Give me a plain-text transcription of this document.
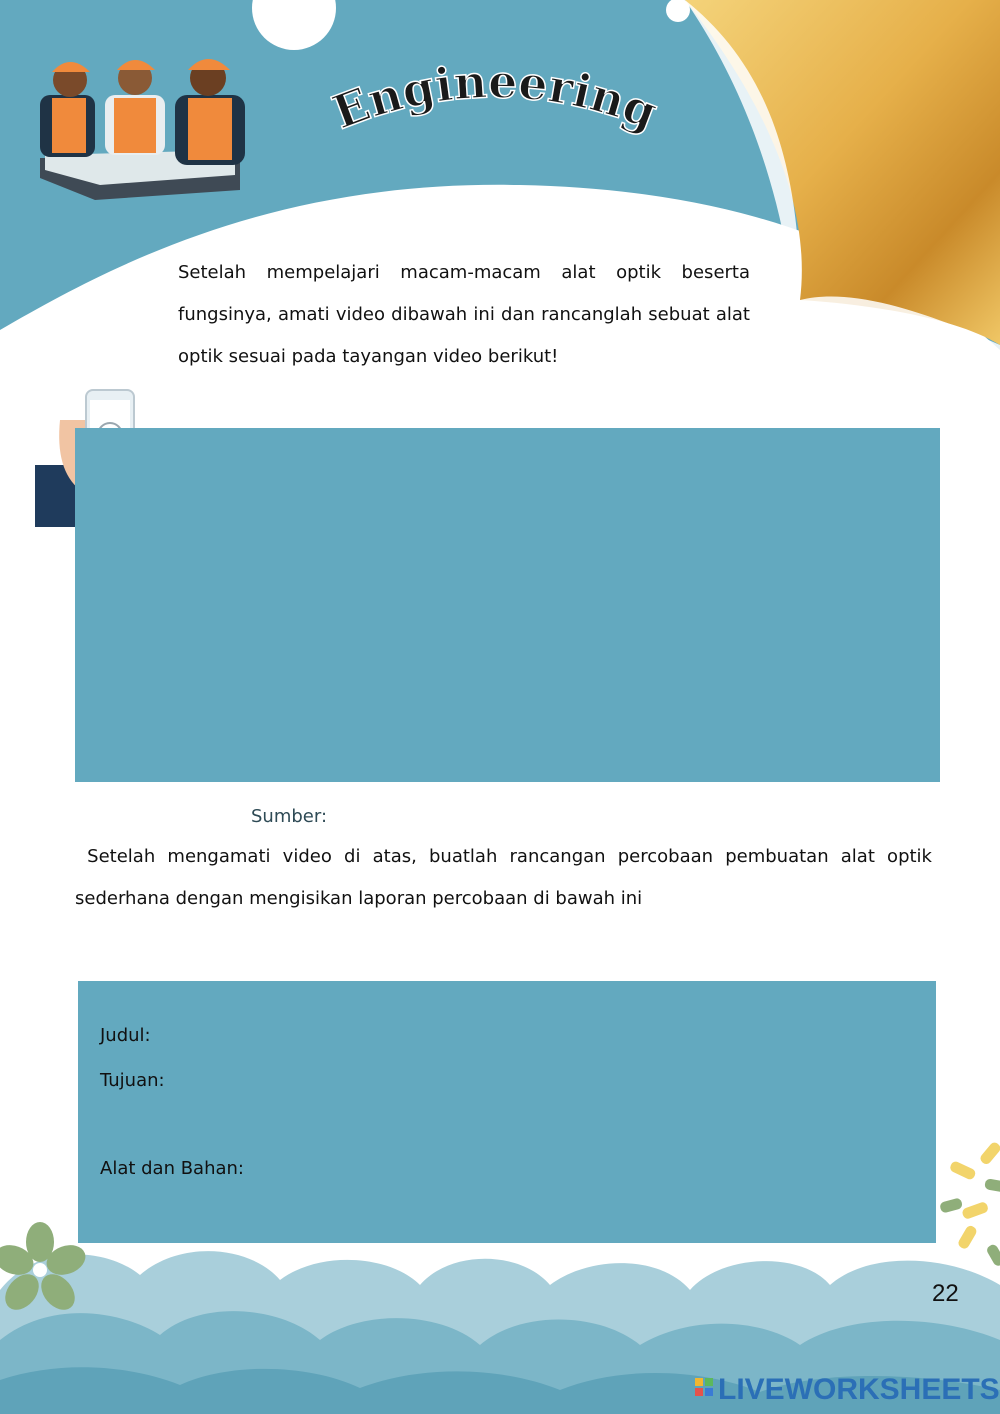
Engineering
Setelah mempelajari macam-macam alat optik beserta fungsinya, amati video dibawah ini dan rancanglah sebuat alat optik sesuai pada tayangan video berikut!
Sumber:
Setelah mengamati video di atas, buatlah rancangan percobaan pembuatan alat optik sederhana dengan mengisikan laporan percobaan di bawah ini
Judul:
Tujuan:
Alat dan Bahan:
22
LIVEWORKSHEETS
